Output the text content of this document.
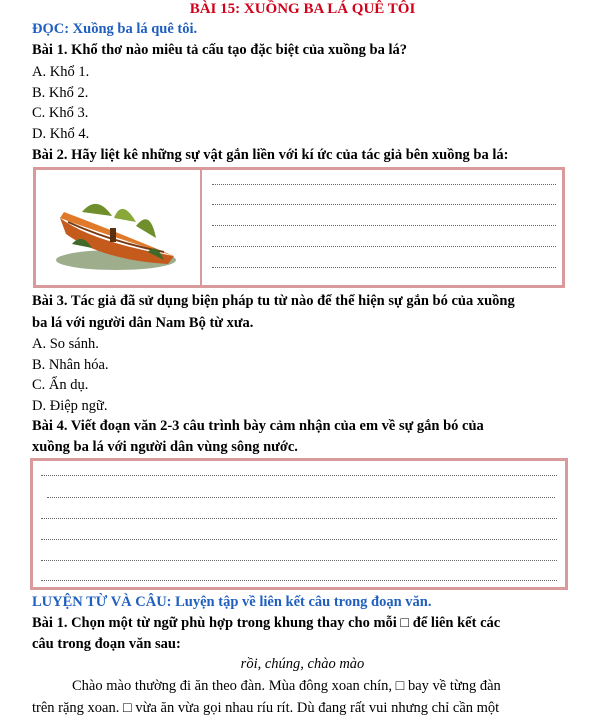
BÀI 15: XUỒNG BA LÁ QUÊ TÔI
ĐỌC: Xuồng ba lá quê tôi.
Bài 1. Khổ thơ nào miêu tả cấu tạo đặc biệt của xuồng ba lá?
A. Khổ 1.
B. Khổ 2.
C. Khổ 3.
D. Khổ 4.
Bài 2. Hãy liệt kê những sự vật gắn liền với kí ức của tác giả bên xuồng ba lá:
Bài 3. Tác giả đã sử dụng biện pháp tu từ nào để thể hiện sự gắn bó của xuồng
ba lá với người dân Nam Bộ từ xưa.
A. So sánh.
B. Nhân hóa.
C. Ẩn dụ.
D. Điệp ngữ.
Bài 4. Viết đoạn văn 2-3 câu trình bày cảm nhận của em về sự gắn bó của
xuồng ba lá với người dân vùng sông nước.
LUYỆN TỪ VÀ CÂU: Luyện tập về liên kết câu trong đoạn văn.
Bài 1. Chọn một từ ngữ phù hợp trong khung thay cho mỗi □ để liên kết các
câu trong đoạn văn sau:
rồi, chúng, chào mào
Chào mào thường đi ăn theo đàn. Mùa đông xoan chín, □ bay về từng đàn
trên rặng xoan. □ vừa ăn vừa gọi nhau ríu rít. Dù đang rất vui nhưng chỉ cần một
